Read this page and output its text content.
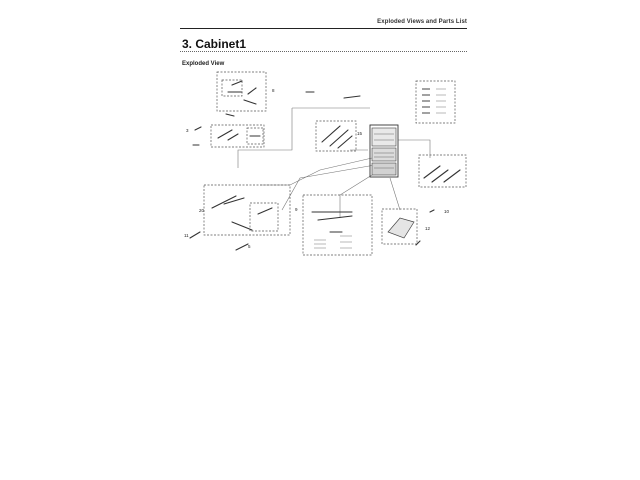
Exploded Views and Parts List
3. Cabinet1
Exploded View
3
20
11
9
12
8
15
10
5
